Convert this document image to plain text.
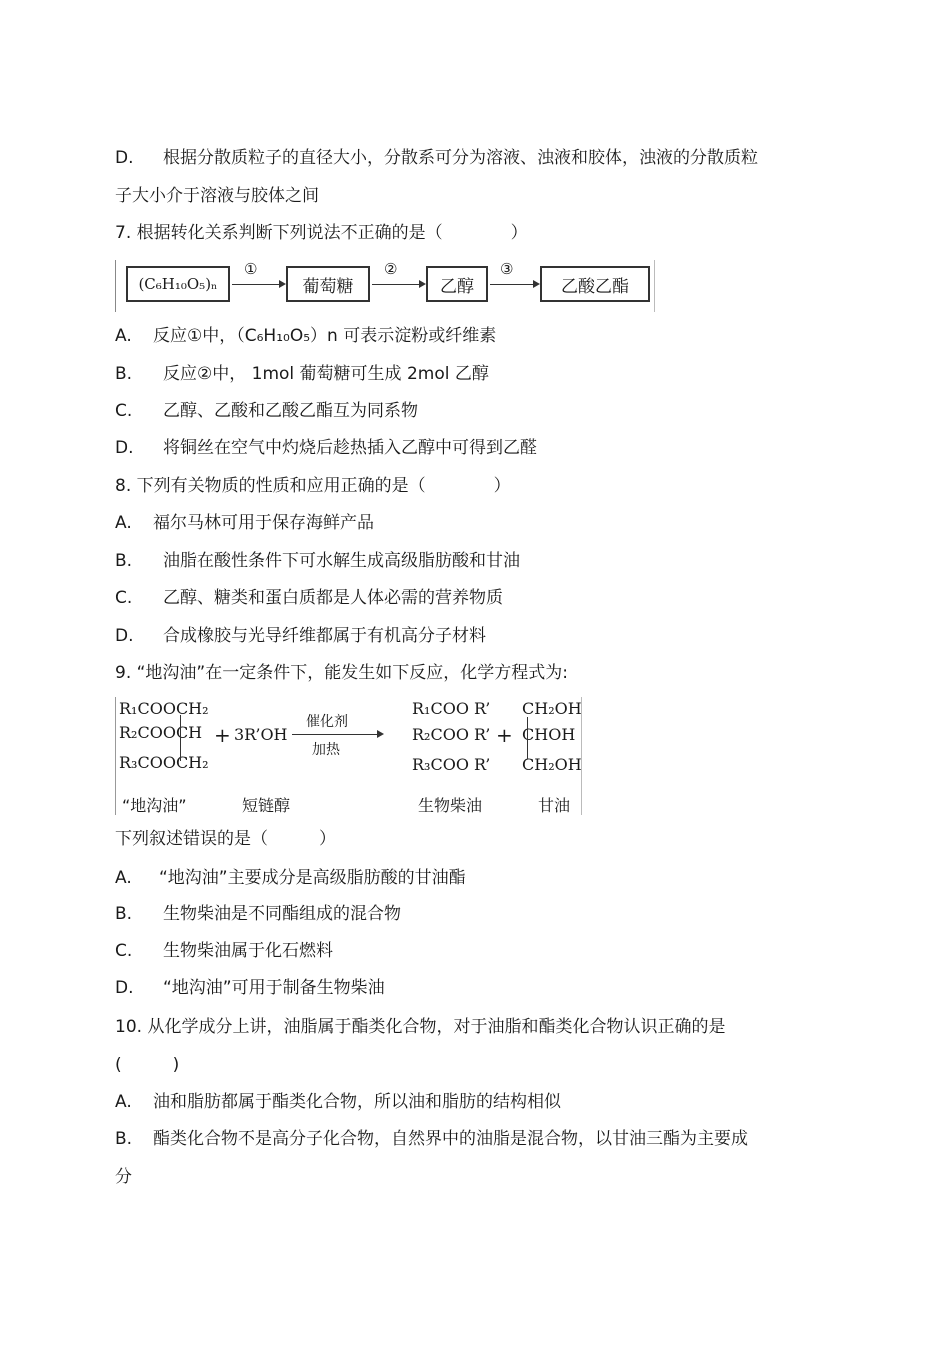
D.	根据分散质粒子的直径大小，分散系可分为溶液、浊液和胶体，浊液的分散质粒
子大小介于溶液与胶体之间
7. 根据转化关系判断下列说法不正确的是（　　　　）
(C₆H₁₀O₅)ₙ
①
葡萄糖
②
乙醇
③
乙酸乙酯
A.	反应①中，（C₆H₁₀O₅）n 可表示淀粉或纤维素
B.	反应②中， 1mol 葡萄糖可生成 2mol 乙醇
C.	乙醇、乙酸和乙酸乙酯互为同系物
D.	将铜丝在空气中灼烧后趁热插入乙醇中可得到乙醛
8. 下列有关物质的性质和应用正确的是（　　　　）
A.	福尔马林可用于保存海鲜产品
B.	油脂在酸性条件下可水解生成高级脂肪酸和甘油
C.	乙醇、糖类和蛋白质都是人体必需的营养物质
D.	合成橡胶与光导纤维都属于有机高分子材料
9. “地沟油”在一定条件下，能发生如下反应，化学方程式为:
R₁COOCH₂
R₂COOCH
R₃COOCH₂
+ 3R’OH
催化剂
加热
R₁COO R’
R₂COO R’ +
R₃COO R’
CH₂OH
CHOH
CH₂OH
“地沟油”	短链醇	生物柴油	甘油
下列叙述错误的是（　　　）
A.	“地沟油”主要成分是高级脂肪酸的甘油酯
B.	生物柴油是不同酯组成的混合物
C.	生物柴油属于化石燃料
D.	“地沟油”可用于制备生物柴油
10. 从化学成分上讲，油脂属于酯类化合物，对于油脂和酯类化合物认识正确的是
(　　　)
A.	油和脂肪都属于酯类化合物，所以油和脂肪的结构相似
B.	酯类化合物不是高分子化合物，自然界中的油脂是混合物，以甘油三酯为主要成
分
